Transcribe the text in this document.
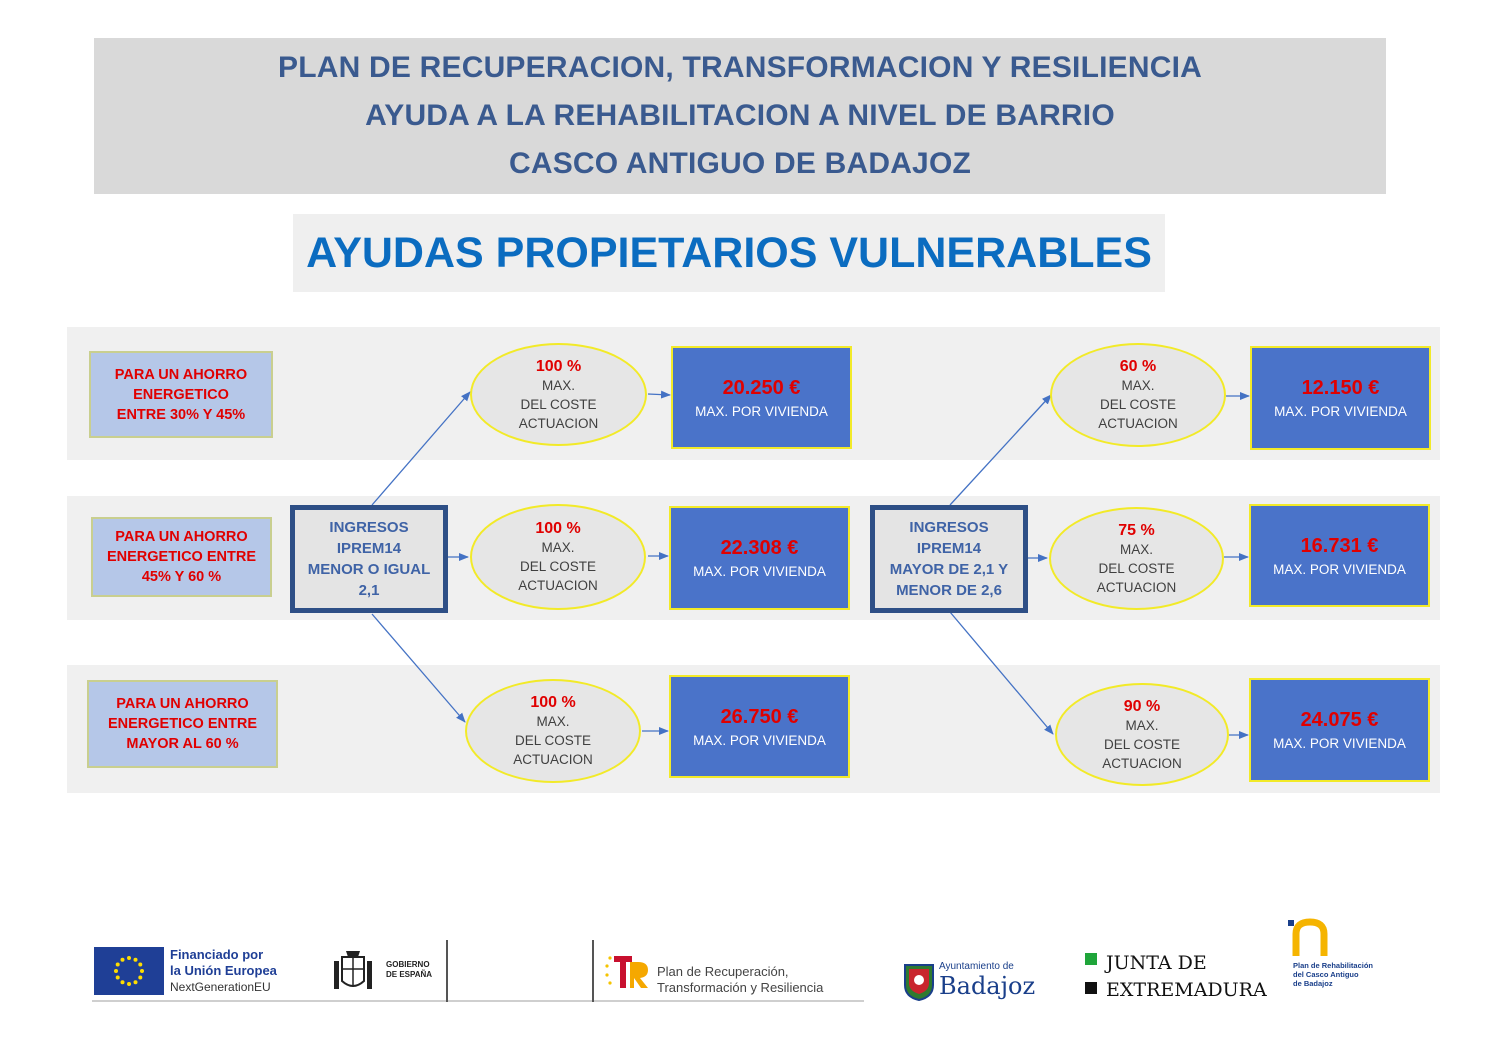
PLAN DE RECUPERACION, TRANSFORMACION Y RESILIENCIA
AYUDA A LA REHABILITACION A NIVEL DE BARRIO
CASCO ANTIGUO DE BADAJOZ
AYUDAS PROPIETARIOS VULNERABLES
PARA UN AHORRO
ENERGETICO
ENTRE 30% Y 45%
PARA UN AHORRO
ENERGETICO ENTRE
45% Y 60 %
PARA UN AHORRO
ENERGETICO ENTRE
MAYOR AL 60 %
INGRESOS
IPREM14
MENOR O IGUAL
2,1
INGRESOS
IPREM14
MAYOR DE 2,1 Y
MENOR DE 2,6
100 %
MAX.
DEL COSTE
ACTUACION
100 %
MAX.
DEL COSTE
ACTUACION
100 %
MAX.
DEL COSTE
ACTUACION
60 %
MAX.
DEL COSTE
ACTUACION
75 %
MAX.
DEL COSTE
ACTUACION
90 %
MAX.
DEL COSTE
ACTUACION
20.250 €
MAX. POR VIVIENDA
22.308 €
MAX. POR VIVIENDA
26.750 €
MAX. POR VIVIENDA
12.150 €
MAX. POR VIVIENDA
16.731 €
MAX. POR VIVIENDA
24.075 €
MAX. POR VIVIENDA
Financiado por
la Unión Europea
NextGenerationEU
GOBIERNO
DE ESPAÑA	Plan de Recuperación,
Transformación y Resiliencia
Ayuntamiento de
Badajoz
JUNTA DE
EXTREMADURA
Plan de Rehabilitación
del Casco Antiguo
de Badajoz
